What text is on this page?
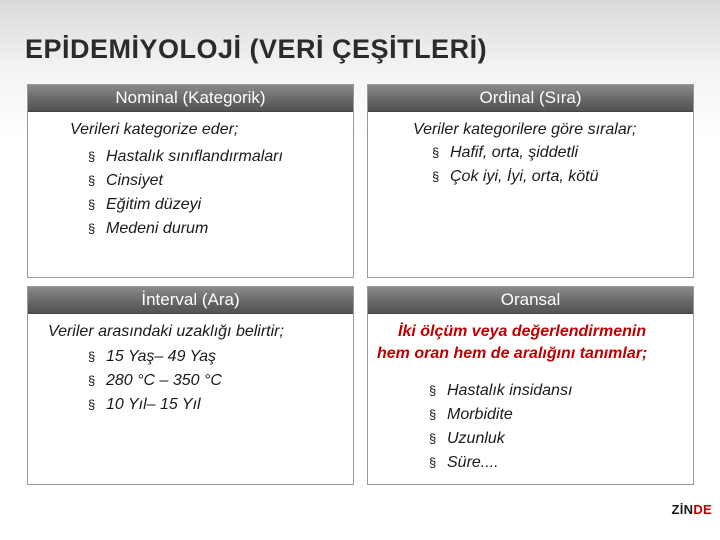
EPİDEMİYOLOJİ (VERİ ÇEŞİTLERİ)
Nominal (Kategorik)
Verileri kategorize eder;
§ Hastalık sınıflandırmaları
§ Cinsiyet
§ Eğitim düzeyi
§ Medeni durum
Ordinal (Sıra)
Veriler kategorilere göre sıralar;
§ Hafif, orta, şiddetli
§ Çok iyi, İyi, orta, kötü
İnterval (Ara)
Veriler arasındaki uzaklığı belirtir;
§ 15 Yaş– 49 Yaş
§ 280 °C – 350 °C
§ 10 Yıl– 15 Yıl
Oransal
İki ölçüm veya değerlendirmenin
hem oran hem de aralığını tanımlar;
§ Hastalık insidansı
§ Morbidite
§ Uzunluk
§ Süre....
ZİNDE
